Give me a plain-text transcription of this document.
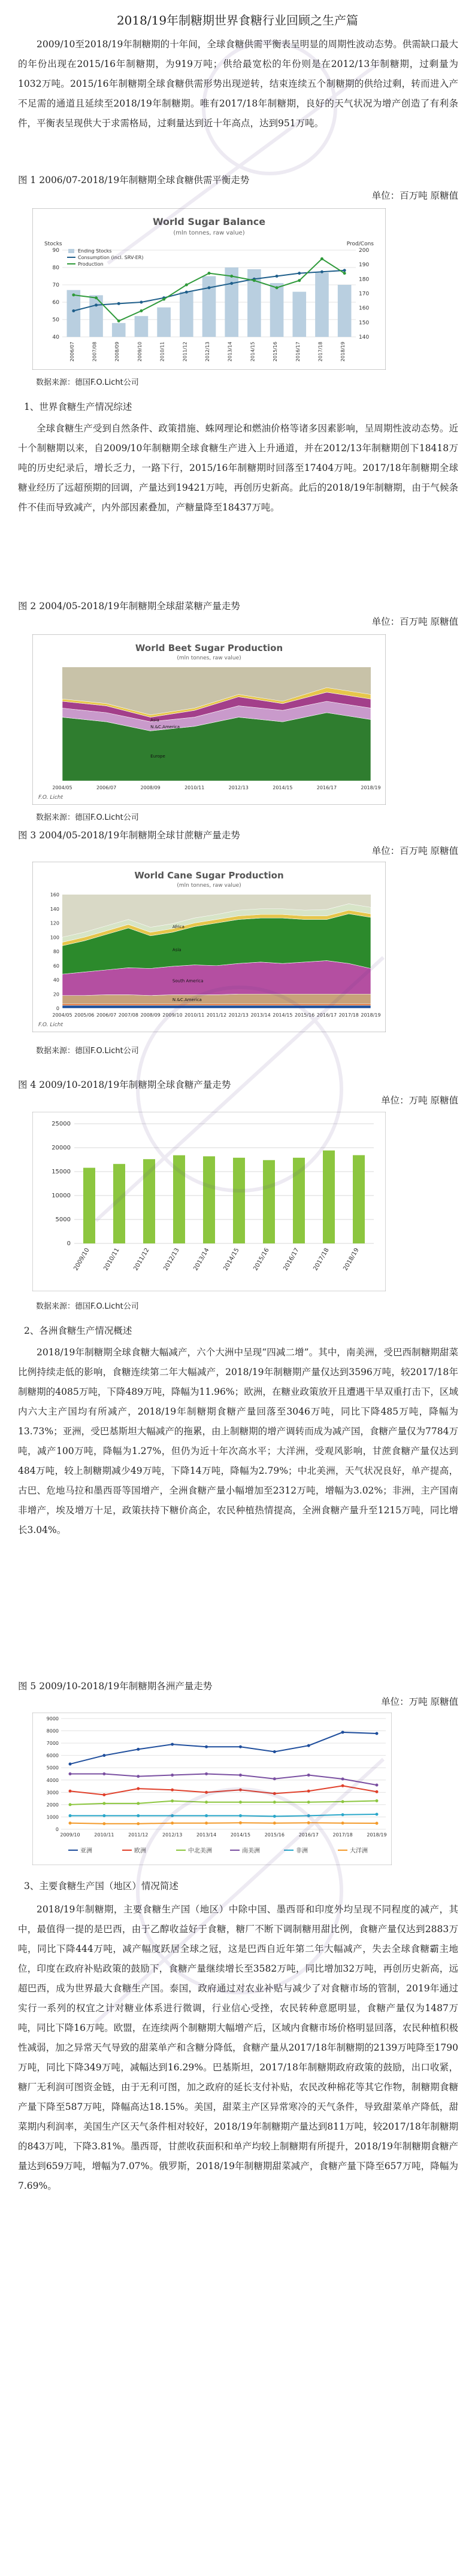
2018/19年制糖期世界食糖行业回顾之生产篇

2009/10至2018/19年制糖期的十年间，全球食糖供需平衡表呈明显的周期性波动态势。供需缺口最大的年份出现在2015/16年制糖期，为919万吨；供给最宽松的年份则是在2012/13年制糖期，过剩量为1032万吨。2015/16年制糖期全球食糖供需形势出现逆转，结束连续五个制糖期的供给过剩，转而进入产不足需的通道且延续至2018/19年制糖期。唯有2017/18年制糖期，良好的天气状况为增产创造了有利条件，平衡表呈现供大于求需格局，过剩量达到近十年高点，达到951万吨。

图 1 2006/07-2018/19年制糖期全球食糖供需平衡走势
单位：百万吨 原糖值
World Sugar Balance
(mln tonnes, raw value)
Stocks	Prod/Cons
40
50
60
70
80
90
140
150
160
170
180
190
200
2006/07	2007/08	2008/09	2009/10	2010/11	2011/12	2012/13	2013/14	2014/15	2015/16	2016/17	2017/18	2018/19
Ending Stocks
Consumption (incl. SRV-ER)
Production
数据来源：德国F.O.Licht公司
1、世界食糖生产情况综述

全球食糖生产受到自然条件、政策措施、蛛网理论和燃油价格等诸多因素影响，呈周期性波动态势。近十个制糖期以来，自2009/10年制糖期全球食糖生产进入上升通道，并在2012/13年制糖期创下18418万吨的历史纪录后，增长乏力，一路下行，2015/16年制糖期时回落至17404万吨。2017/18年制糖期全球糖业经历了远超预期的回调，产量达到19421万吨，再创历史新高。此后的2018/19年制糖期，由于气候条件不佳而导致减产，内外部因素叠加，产糖量降至18437万吨。

图 2 2004/05-2018/19年制糖期全球甜菜糖产量走势
单位：百万吨 原糖值
World Beet Sugar Production
(mln tonnes, raw value)
Europe
N.&C.America
Asia
2004/05	2006/07	2008/09	2010/11	2012/13	2014/15	2016/17	2018/19
F.O. Licht
数据来源：德国F.O.Licht公司
图 3 2004/05-2018/19年制糖期全球甘蔗糖产量走势
单位：百万吨 原糖值
World Cane Sugar Production
(mln tonnes, raw value)
0
20
40
60
80
100
120
140
160
N.&C.America
South America
Asia
Africa
2004/05 2005/06 2006/07 2007/08 2008/09 2009/10 2010/11 2011/12 2012/13 2013/14 2014/15 2015/16 2016/17 2017/18 2018/19
F.O. Licht
数据来源：德国F.O.Licht公司
图 4 2009/10-2018/19年制糖期全球食糖产量走势
单位：万吨 原糖值
0
5000
10000
15000
20000
25000
2009/10 2010/11 2011/12 2012/13 2013/14 2014/15 2015/16 2016/17 2017/18 2018/19
数据来源：德国F.O.Licht公司
2、各洲食糖生产情况概述

2018/19年制糖期全球食糖大幅减产，六个大洲中呈现“四减二增”。其中，南美洲，受巴西制糖期甜菜比例持续走低的影响，食糖连续第二年大幅减产，2018/19年制糖期产量仅达到3596万吨，较2017/18年制糖期的4085万吨，下降489万吨，降幅为11.96%；欧洲，在糖业政策放开且遭遇干旱双重打击下，区域内六大主产国均有所减产，2018/19年制糖期食糖产量回落至3046万吨，同比下降485万吨，降幅为13.73%；亚洲，受巴基斯坦大幅减产的拖累，由上制糖期的增产调转而成为减产国，食糖产量仅为7784万吨，减产100万吨，降幅为1.27%，但仍为近十年次高水平；大洋洲，受观风影响，甘蔗食糖产量仅达到484万吨，较上制糖期减少49万吨，下降14万吨，降幅为2.79%；中北美洲，天气状况良好，单产提高，古巴、危地马拉和墨西哥等国增产，全洲食糖产量小幅增加至2312万吨，增幅为3.02%；非洲，主产国南非增产，埃及增万十足，政策扶持下糖价高企，农民种植热情提高，全洲食糖产量升至1215万吨，同比增长3.04%。

图 5 2009/10-2018/19年制糖期各洲产量走势
单位：万吨 原糖值
0
1000
2000
3000
4000
5000
6000
7000
8000
9000
2009/10	2010/11	2011/12	2012/13	2013/14	2014/15	2015/16	2016/17	2017/18	2018/19
亚洲	欧洲	中北美洲	南美洲	非洲	大洋洲
3、主要食糖生产国（地区）情况简述

2018/19年制糖期，主要食糖生产国（地区）中除中国、墨西哥和印度外均呈现不同程度的减产，其中，最值得一提的是巴西，由于乙醇收益好于食糖，糖厂不断下调制糖用甜比例，食糖产量仅达到2883万吨，同比下降444万吨，减产幅度跃居全球之冠，这是巴西自近年第二年大幅减产，失去全球食糖霸主地位，印度在政府补贴政策的鼓励下，食糖产量继续增长至3582万吨，同比增加32万吨，再创历史新高，远超巴西，成为世界最大食糖生产国。泰国，政府通过对农业补贴与减少了对食糖市场的管制，2019年通过实行一系列的权宜之计对糖业体系进行微调，行业信心受挫，农民转种意愿明显，食糖产量仅为1487万吨，同比下降16万吨。欧盟，在连续两个制糖期大幅增产后，区域内食糖市场价格明显回落，农民种植积极性减弱，加之异常天气导致的甜菜单产和含糖分降低，食糖产量从2017/18年制糖期的2139万吨降至1790万吨，同比下降349万吨，减幅达到16.29%。巴基斯坦，2017/18年制糖期政府政策的鼓励，出口收紧，糖厂无利润可图资金链，由于无利可图，加之政府的延长支付补贴，农民改种棉花等其它作物，制糖期食糖产量下降至587万吨，降幅高达18.15%。美国，甜菜主产区异常寒冷的天气条件，导致甜菜单产降低，甜菜期内利润率，美国生产区天气条件相对较好，2018/19年制糖期产量达到811万吨，较2017/18年制糖期的843万吨，下降3.81%。墨西哥，甘蔗收获面积和单产均较上制糖期有所提升，2018/19年制糖期食糖产量达到659万吨，增幅为7.07%。俄罗斯，2018/19年制糖期甜菜减产，食糖产量下降至657万吨，降幅为7.69%。
